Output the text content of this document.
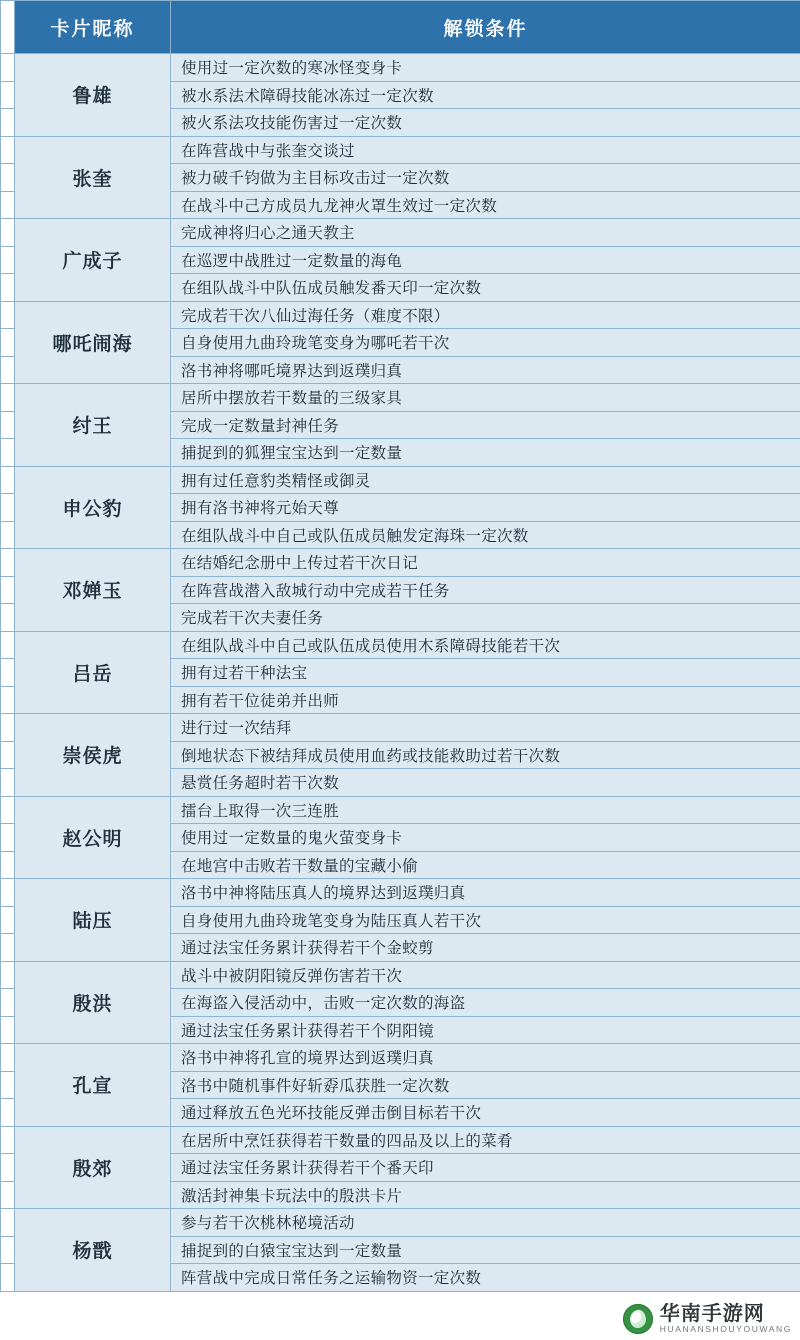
	卡片昵称	解锁条件
	鲁雄	使用过一定次数的寒冰怪变身卡
		被水系法术障碍技能冰冻过一定次数
		被火系法攻技能伤害过一定次数
	张奎	在阵营战中与张奎交谈过
		被力破千钧做为主目标攻击过一定次数
		在战斗中己方成员九龙神火罩生效过一定次数
	广成子	完成神将归心之通天教主
		在巡逻中战胜过一定数量的海龟
		在组队战斗中队伍成员触发番天印一定次数
	哪吒闹海	完成若干次八仙过海任务（难度不限）
		自身使用九曲玲珑笔变身为哪吒若干次
		洛书神将哪吒境界达到返璞归真
	纣王	居所中摆放若干数量的三级家具
		完成一定数量封神任务
		捕捉到的狐狸宝宝达到一定数量
	申公豹	拥有过任意豹类精怪或御灵
		拥有洛书神将元始天尊
		在组队战斗中自己或队伍成员触发定海珠一定次数
	邓婵玉	在结婚纪念册中上传过若干次日记
		在阵营战潜入敌城行动中完成若干任务
		完成若干次夫妻任务
	吕岳	在组队战斗中自己或队伍成员使用木系障碍技能若干次
		拥有过若干种法宝
		拥有若干位徒弟并出师
	崇侯虎	进行过一次结拜
		倒地状态下被结拜成员使用血药或技能救助过若干次数
		悬赏任务超时若干次数
	赵公明	擂台上取得一次三连胜
		使用过一定数量的鬼火萤变身卡
		在地宫中击败若干数量的宝藏小偷
	陆压	洛书中神将陆压真人的境界达到返璞归真
		自身使用九曲玲珑笔变身为陆压真人若干次
		通过法宝任务累计获得若干个金蛟剪
	殷洪	战斗中被阴阳镜反弹伤害若干次
		在海盗入侵活动中，击败一定次数的海盗
		通过法宝任务累计获得若干个阴阳镜
	孔宣	洛书中神将孔宣的境界达到返璞归真
		洛书中随机事件好斩孬瓜获胜一定次数
		通过释放五色光环技能反弹击倒目标若干次
	殷郊	在居所中烹饪获得若干数量的四品及以上的菜肴
		通过法宝任务累计获得若干个番天印
		激活封神集卡玩法中的殷洪卡片
	杨戬	参与若干次桃林秘境活动
		捕捉到的白猿宝宝达到一定数量
		阵营战中完成日常任务之运输物资一定次数
华南手游网
HUANANSHOUYOUWANG
